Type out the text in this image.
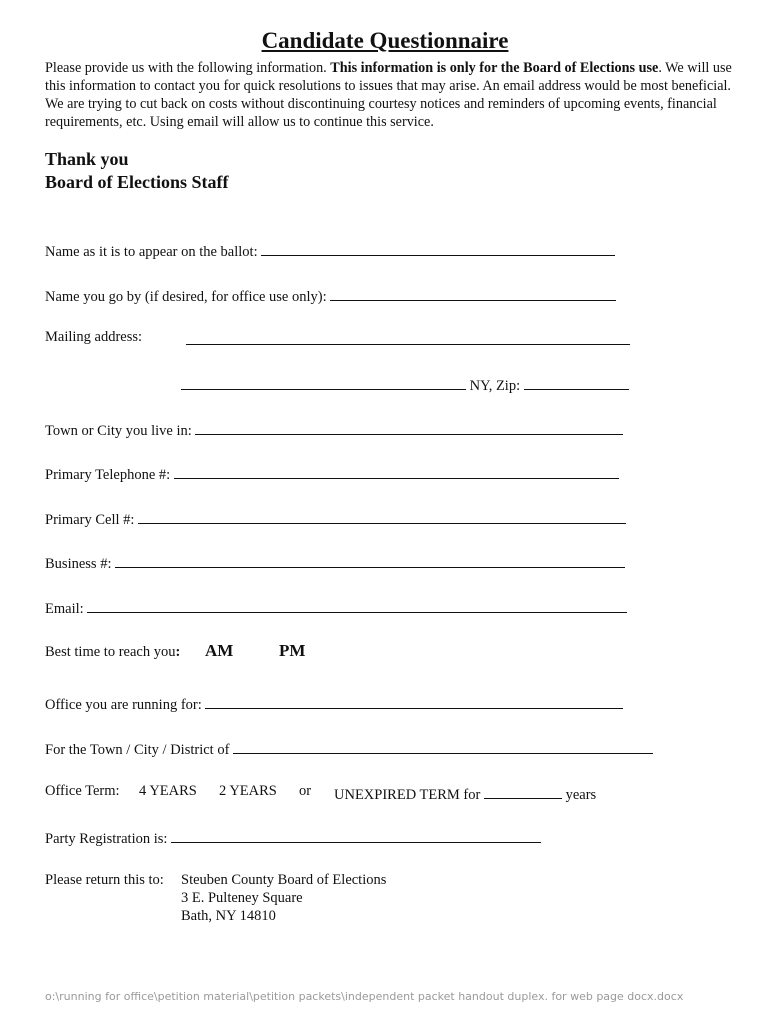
Candidate Questionnaire
Please provide us with the following information. This information is only for the Board of Elections use. We will use this information to contact you for quick resolutions to issues that may arise. An email address would be most beneficial. We are trying to cut back on costs without discontinuing courtesy notices and reminders of upcoming events, financial requirements, etc. Using email will allow us to continue this service.
Thank you
Board of Elections Staff
Name as it is to appear on the ballot:
Name you go by (if desired, for office use only):
Mailing address:
NY, Zip:
Town or City you live in:
Primary Telephone #:
Primary Cell #:
Business #:
Email:
Best time to reach you: AM	PM
Office you are running for:
For the Town / City / District of
Office Term: 4 YEARS 2 YEARS or UNEXPIRED TERM for	years
Party Registration is:
Please return this to: Steuben County Board of Elections
3 E. Pulteney Square
Bath, NY 14810
o:\running for office\petition material\petition packets\independent packet handout duplex. for web page docx.docx
